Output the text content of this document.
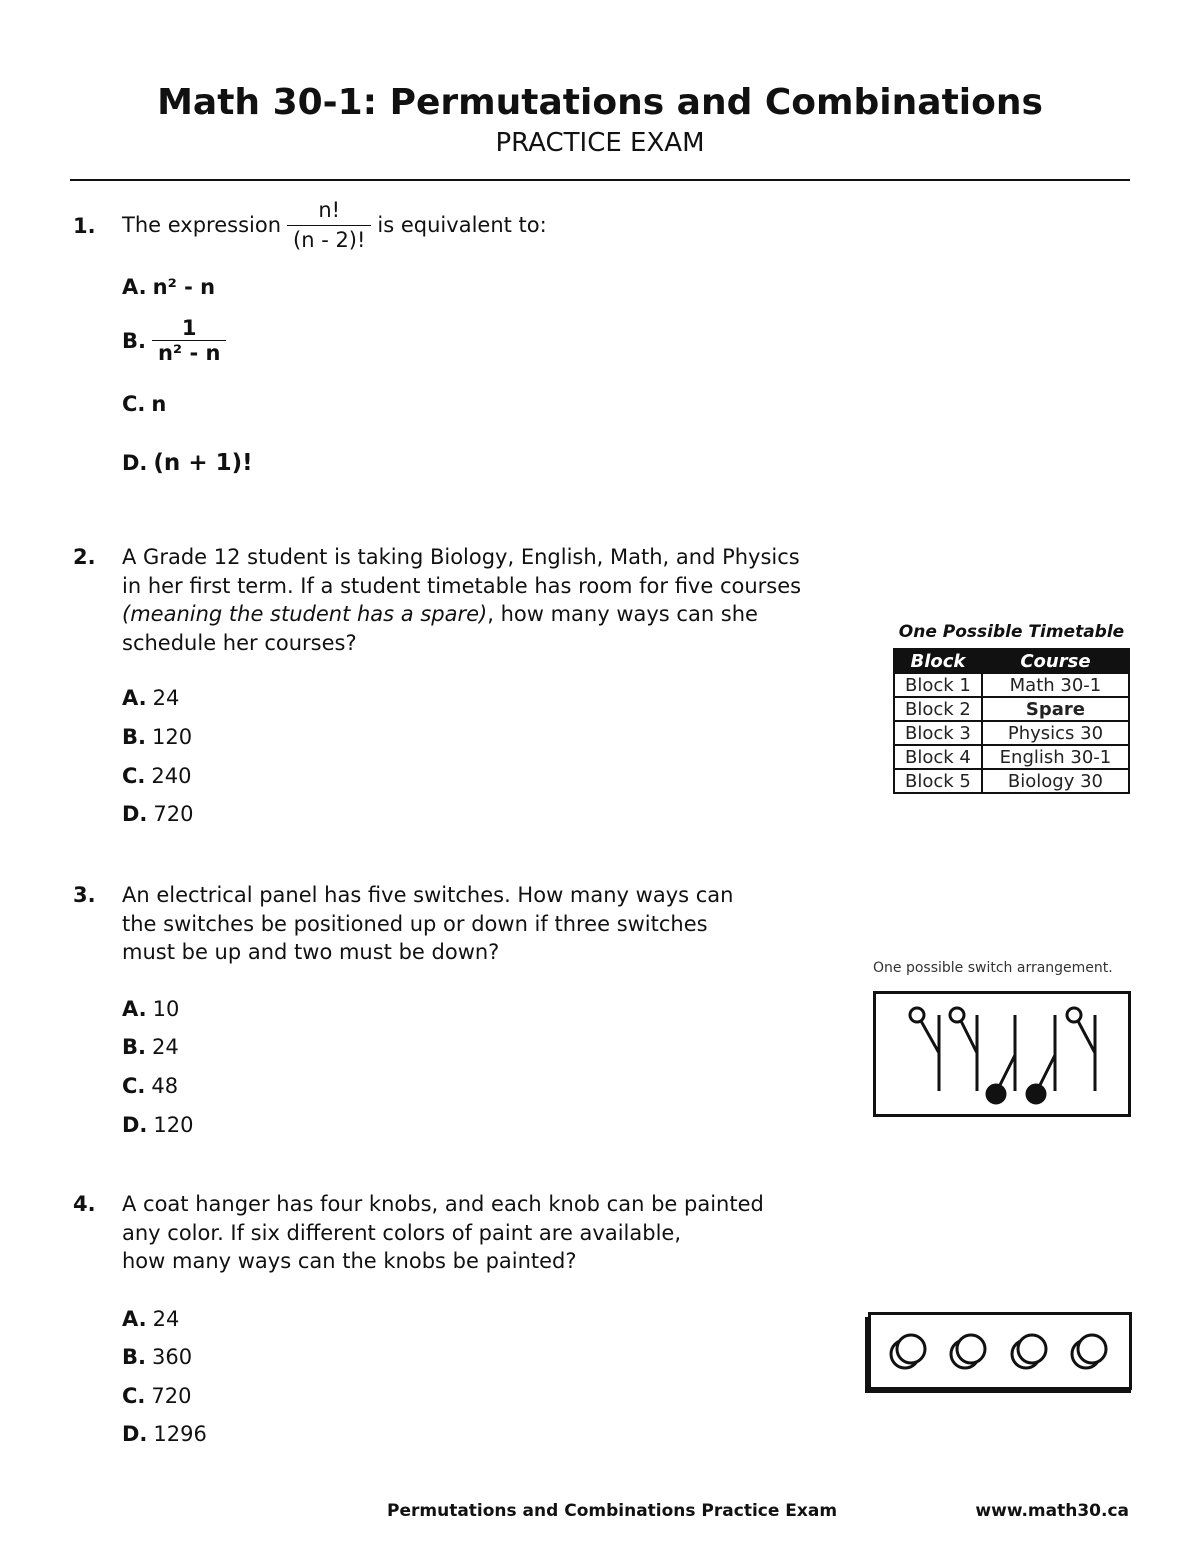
Math 30-1: Permutations and Combinations
PRACTICE EXAM
1. The expression $\frac{n!}{(n - 2)!}$ is equivalent to:
A. n² - n
B. $\frac{1}{\text{n² - n}}$
C. n
D. (n + 1)!
2. A Grade 12 student is taking Biology, English, Math, and Physics
in her first term. If a student timetable has room for five courses
(meaning the student has a spare), how many ways can she
schedule her courses?
A. 24
B. 120
C. 240
D. 720
One Possible Timetable
Block	Course
Block 1	Math 30-1
Block 2	Spare
Block 3	Physics 30
Block 4	English 30-1
Block 5	Biology 30
3. An electrical panel has five switches. How many ways can
the switches be positioned up or down if three switches
must be up and two must be down?
A. 10
B. 24
C. 48
D. 120
One possible switch arrangement.
4. A coat hanger has four knobs, and each knob can be painted
any color. If six different colors of paint are available,
how many ways can the knobs be painted?
A. 24
B. 360
C. 720
D. 1296
Permutations and Combinations Practice Exam	www.math30.ca
